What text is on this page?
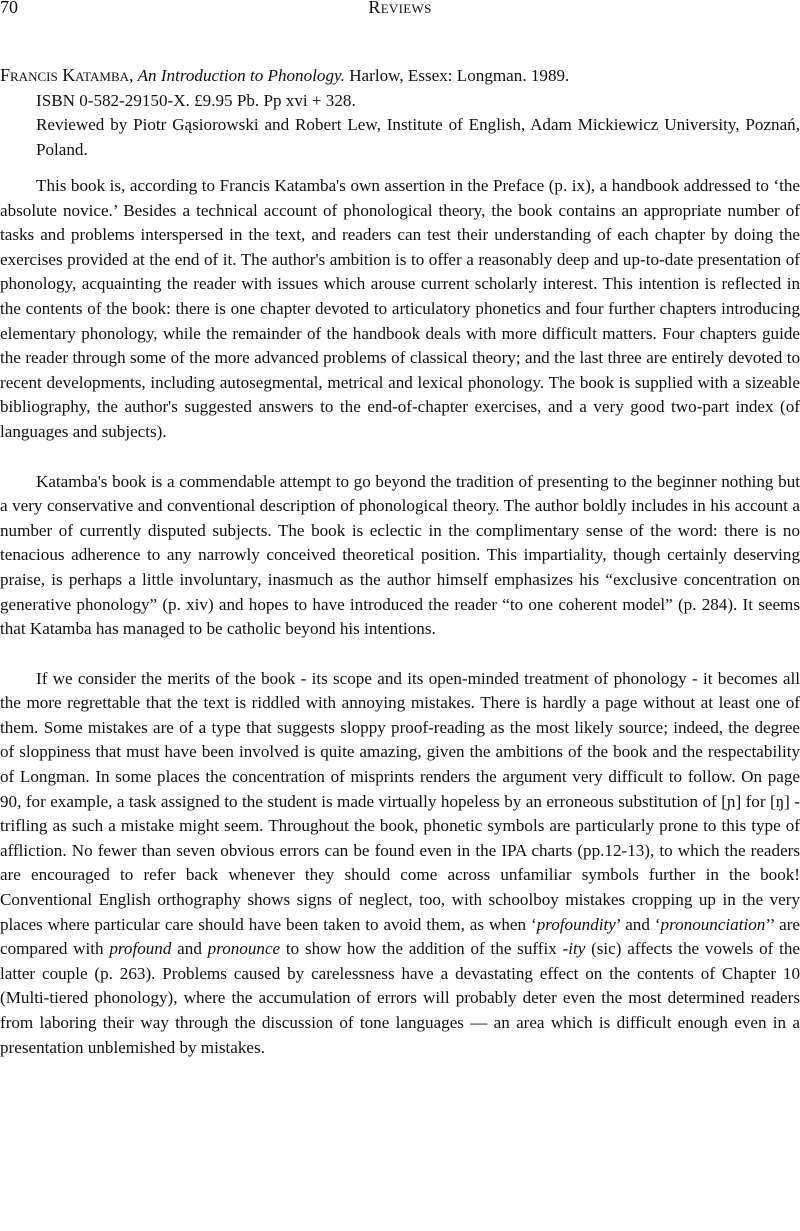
70	Reviews
Francis Katamba, An Introduction to Phonology. Harlow, Essex: Longman. 1989.
ISBN 0-582-29150-X. £9.95 Pb. Pp xvi + 328.
Reviewed by Piotr Gąsiorowski and Robert Lew, Institute of English, Adam Mickiewicz University, Poznań, Poland.

This book is, according to Francis Katamba's own assertion in the Preface (p. ix), a handbook addressed to ‘the absolute novice.’ Besides a technical account of phonological theory, the book contains an appropriate number of tasks and problems interspersed in the text, and readers can test their understanding of each chapter by doing the exercises provided at the end of it. The author's ambition is to offer a reasonably deep and up-to-date presentation of phonology, acquainting the reader with issues which arouse current scholarly interest. This intention is reflected in the contents of the book: there is one chapter devoted to articulatory phonetics and four further chapters introducing elementary phonology, while the remainder of the handbook deals with more difficult matters. Four chapters guide the reader through some of the more advanced problems of classical theory; and the last three are entirely devoted to recent developments, including autosegmental, metrical and lexical phonology. The book is supplied with a sizeable bibliography, the author's suggested answers to the end-of-chapter exercises, and a very good two-part index (of languages and subjects).

Katamba's book is a commendable attempt to go beyond the tradition of presenting to the beginner nothing but a very conservative and conventional description of phonological theory. The author boldly includes in his account a number of currently disputed subjects. The book is eclectic in the complimentary sense of the word: there is no tenacious adherence to any narrowly conceived theoretical position. This impartiality, though certainly deserving praise, is perhaps a little involuntary, inasmuch as the author himself emphasizes his “exclusive concentration on generative phonology” (p. xiv) and hopes to have introduced the reader “to one coherent model” (p. 284). It seems that Katamba has managed to be catholic beyond his intentions.

If we consider the merits of the book - its scope and its open-minded treatment of phonology - it becomes all the more regrettable that the text is riddled with annoying mistakes. There is hardly a page without at least one of them. Some mistakes are of a type that suggests sloppy proof-reading as the most likely source; indeed, the degree of sloppiness that must have been involved is quite amazing, given the ambitions of the book and the respectability of Longman. In some places the concentration of misprints renders the argument very difficult to follow. On page 90, for example, a task assigned to the student is made virtually hopeless by an erroneous substitution of [ɲ] for [ŋ] - trifling as such a mistake might seem. Throughout the book, phonetic symbols are particularly prone to this type of affliction. No fewer than seven obvious errors can be found even in the IPA charts (pp.12-13), to which the readers are encouraged to refer back whenever they should come across unfamiliar symbols further in the book! Conventional English orthography shows signs of neglect, too, with schoolboy mistakes cropping up in the very places where particular care should have been taken to avoid them, as when ‘profoundity’ and ‘pronounciation’’ are compared with profound and pronounce to show how the addition of the suffix -ity (sic) affects the vowels of the latter couple (p. 263). Problems caused by carelessness have a devastating effect on the contents of Chapter 10 (Multi-tiered phonology), where the accumulation of errors will probably deter even the most determined readers from laboring their way through the discussion of tone languages — an area which is difficult enough even in a presentation unblemished by mistakes.
